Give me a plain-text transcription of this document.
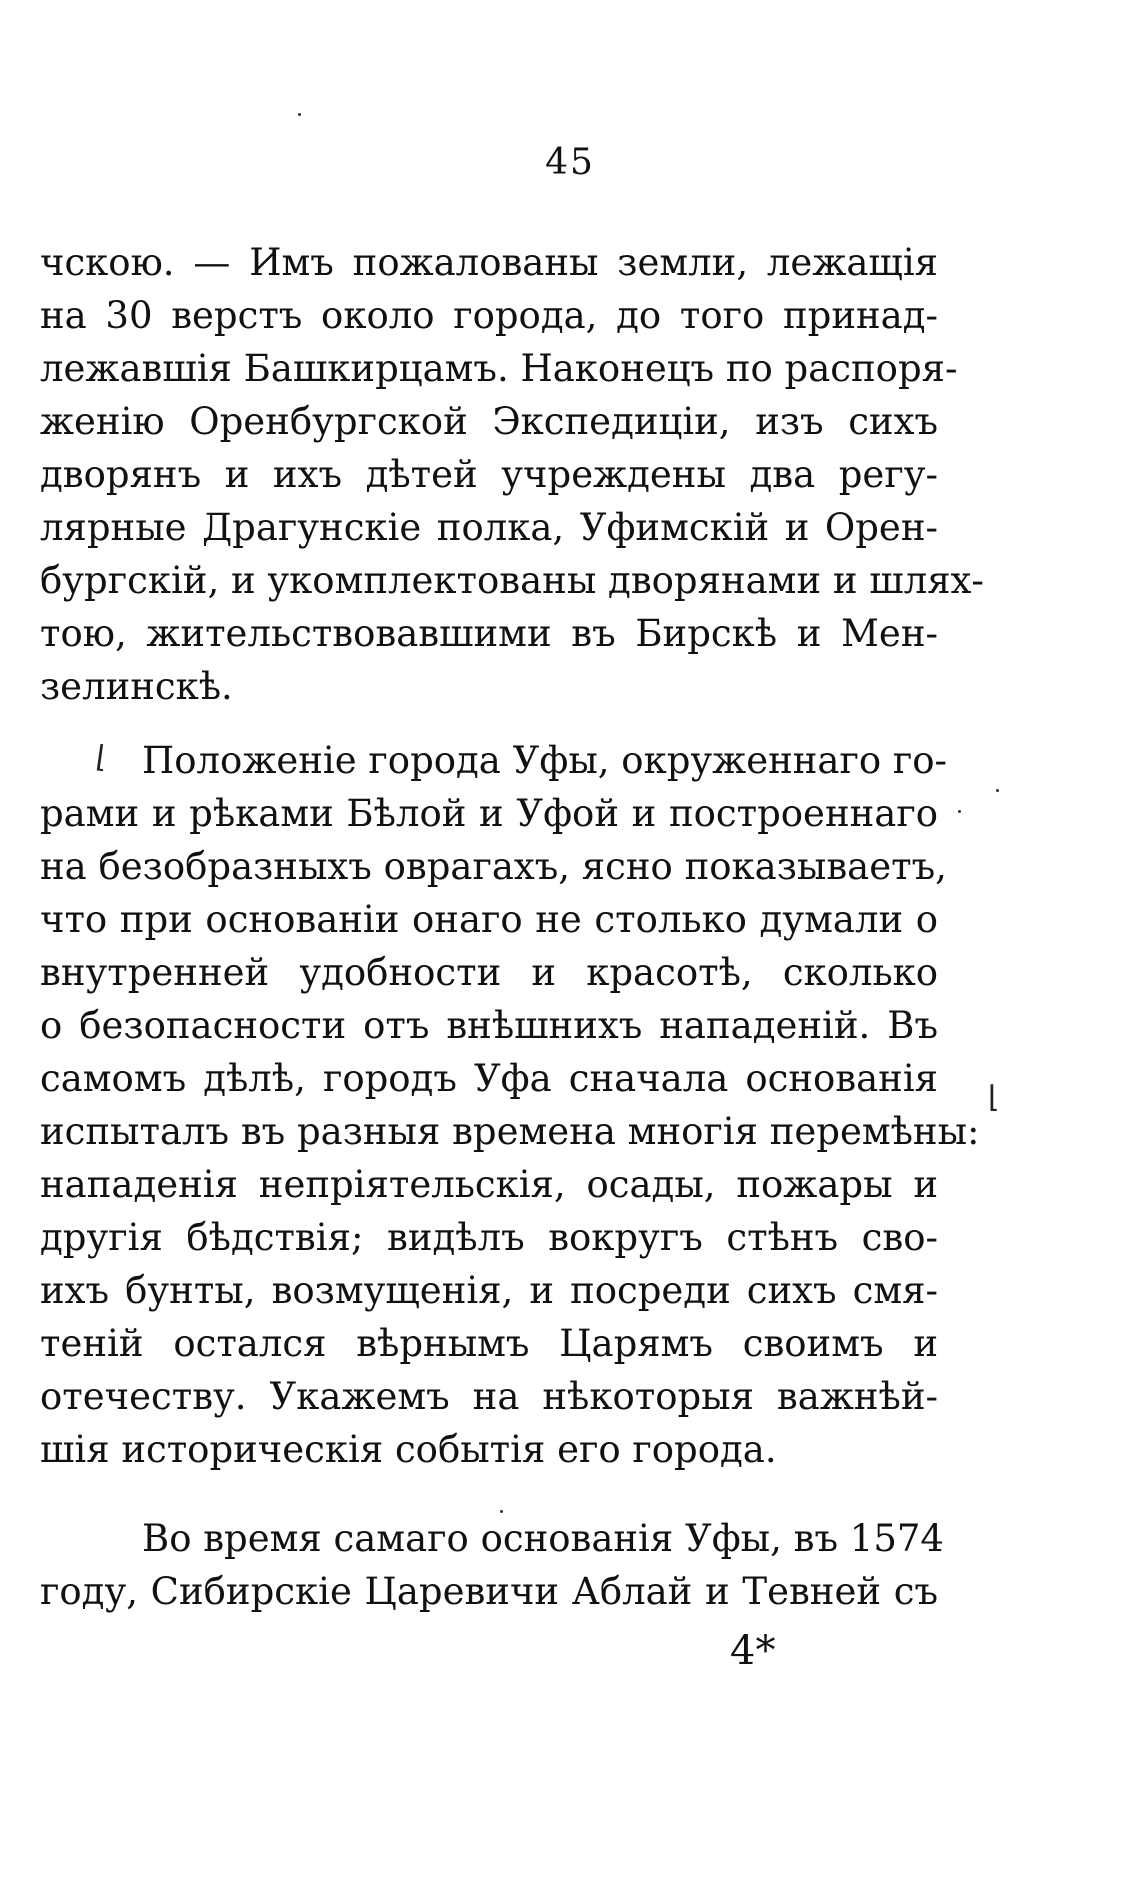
45
чскою. — Имъ пожалованы земли, лежащія
на 30 верстъ около города, до того принад-
лежавшія Башкирцамъ. Наконецъ по распоря-
женію Оренбургской Экспедиціи, изъ сихъ
дворянъ и ихъ дѣтей учреждены два регу-
лярные Драгунскіе полка, Уфимскій и Орен-
бургскій, и укомплектованы дворянами и шлях-
тою, жительствовавшими въ Бирскѣ и Мен-
зелинскѣ.
Положеніе города Уфы, окруженнаго го-
рами и рѣками Бѣлой и Уфой и построеннаго
на безобразныхъ оврагахъ, ясно показываетъ,
что при основаніи онаго не столько думали о
внутренней удобности и красотѣ, сколько
о безопасности отъ внѣшнихъ нападеній. Въ
самомъ дѣлѣ, городъ Уфа сначала основанія
испыталъ въ разныя времена многія перемѣны:
нападенія непріятельскія, осады, пожары и
другія бѣдствія; видѣлъ вокругъ стѣнъ сво-
ихъ бунты, возмущенія, и посреди сихъ смя-
теній остался вѣрнымъ Царямъ своимъ и
отечеству. Укажемъ на нѣкоторыя важнѣй-
шія историческія событія его города.
Во время самаго основанія Уфы, въ 1574
году, Сибирскіе Царевичи Аблай и Тевней съ
4*
⌊
⌊
